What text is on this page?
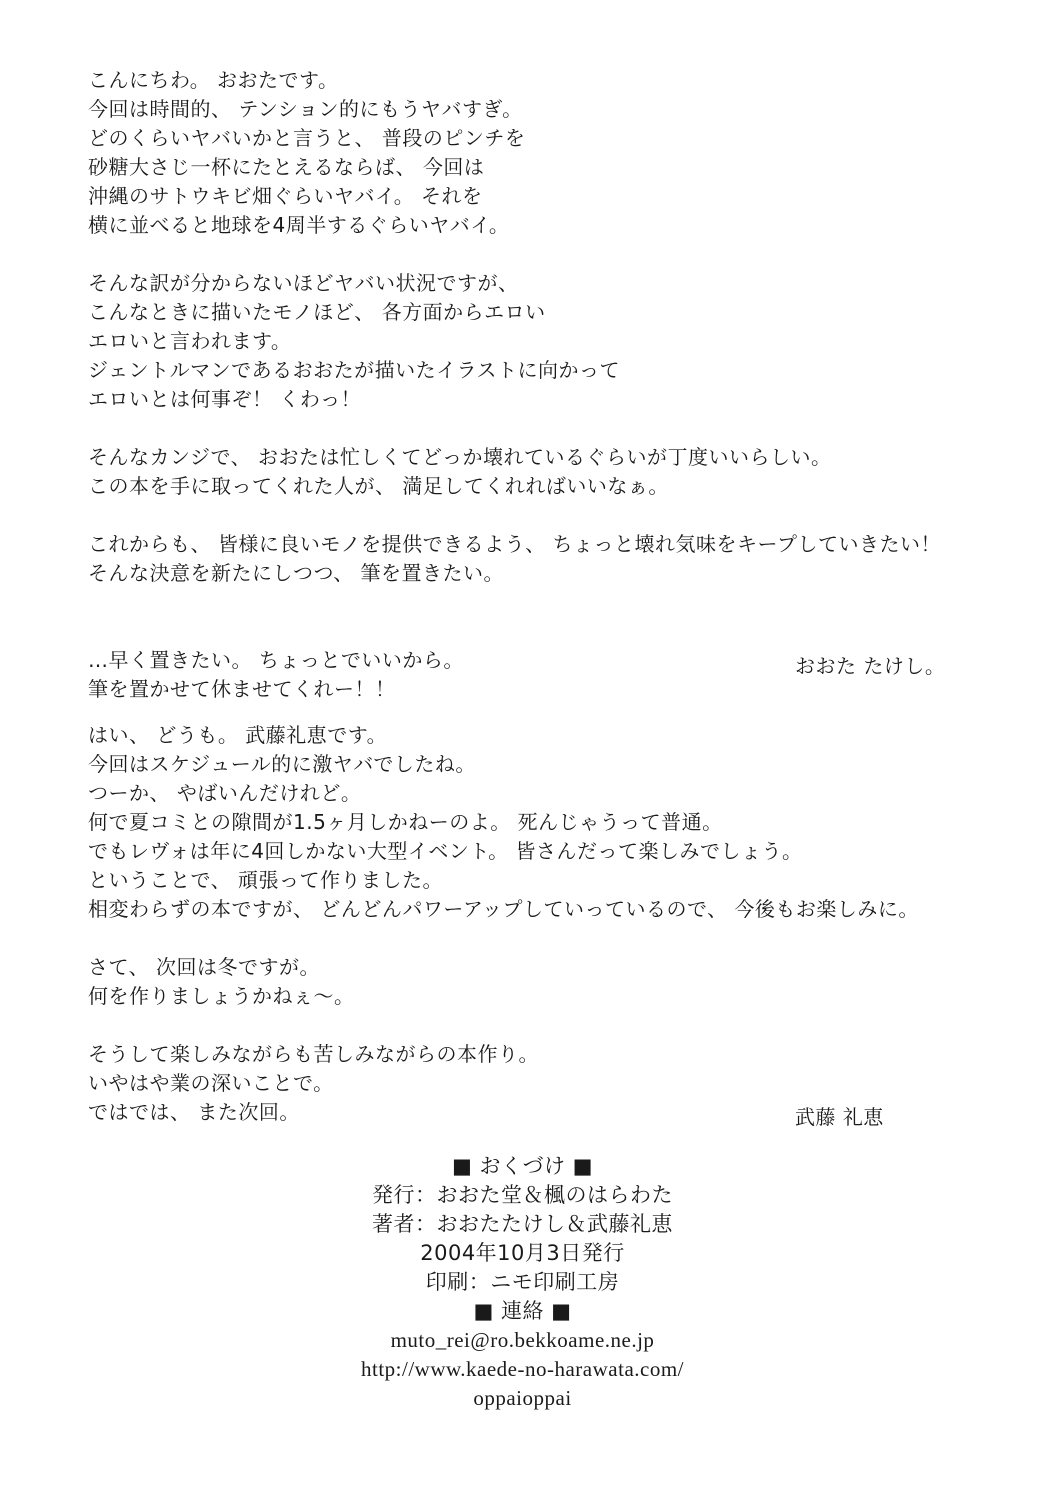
こんにちわ。 おおたです。
今回は時間的、 テンション的にもうヤバすぎ。
どのくらいヤバいかと言うと、 普段のピンチを
砂糖大さじ一杯にたとえるならば、 今回は
沖縄のサトウキビ畑ぐらいヤバイ。 それを
横に並べると地球を4周半するぐらいヤバイ。
そんな訳が分からないほどヤバい状況ですが、
こんなときに描いたモノほど、 各方面からエロい
エロいと言われます。
ジェントルマンであるおおたが描いたイラストに向かって
エロいとは何事ぞ！ くわっ！
そんなカンジで、 おおたは忙しくてどっか壊れているぐらいが丁度いいらしい。
この本を手に取ってくれた人が、 満足してくれればいいなぁ。
これからも、 皆様に良いモノを提供できるよう、 ちょっと壊れ気味をキープしていきたい！
そんな決意を新たにしつつ、 筆を置きたい。
…早く置きたい。 ちょっとでいいから。
筆を置かせて休ませてくれー！！
おおた たけし。
はい、 どうも。 武藤礼恵です。
今回はスケジュール的に激ヤバでしたね。
つーか、 やばいんだけれど。
何で夏コミとの隙間が1.5ヶ月しかねーのよ。 死んじゃうって普通。
でもレヴォは年に4回しかない大型イベント。 皆さんだって楽しみでしょう。
ということで、 頑張って作りました。
相変わらずの本ですが、 どんどんパワーアップしていっているので、 今後もお楽しみに。
さて、 次回は冬ですが。
何を作りましょうかねぇ～。
そうして楽しみながらも苦しみながらの本作り。
いやはや業の深いことで。
ではでは、 また次回。	武藤 礼恵
■ おくづけ ■
発行：おおた堂＆楓のはらわた
著者：おおたたけし＆武藤礼恵
2004年10月3日発行
印刷：ニモ印刷工房
■ 連絡 ■
muto_rei@ro.bekkoame.ne.jp
http://www.kaede-no-harawata.com/
oppaioppai
